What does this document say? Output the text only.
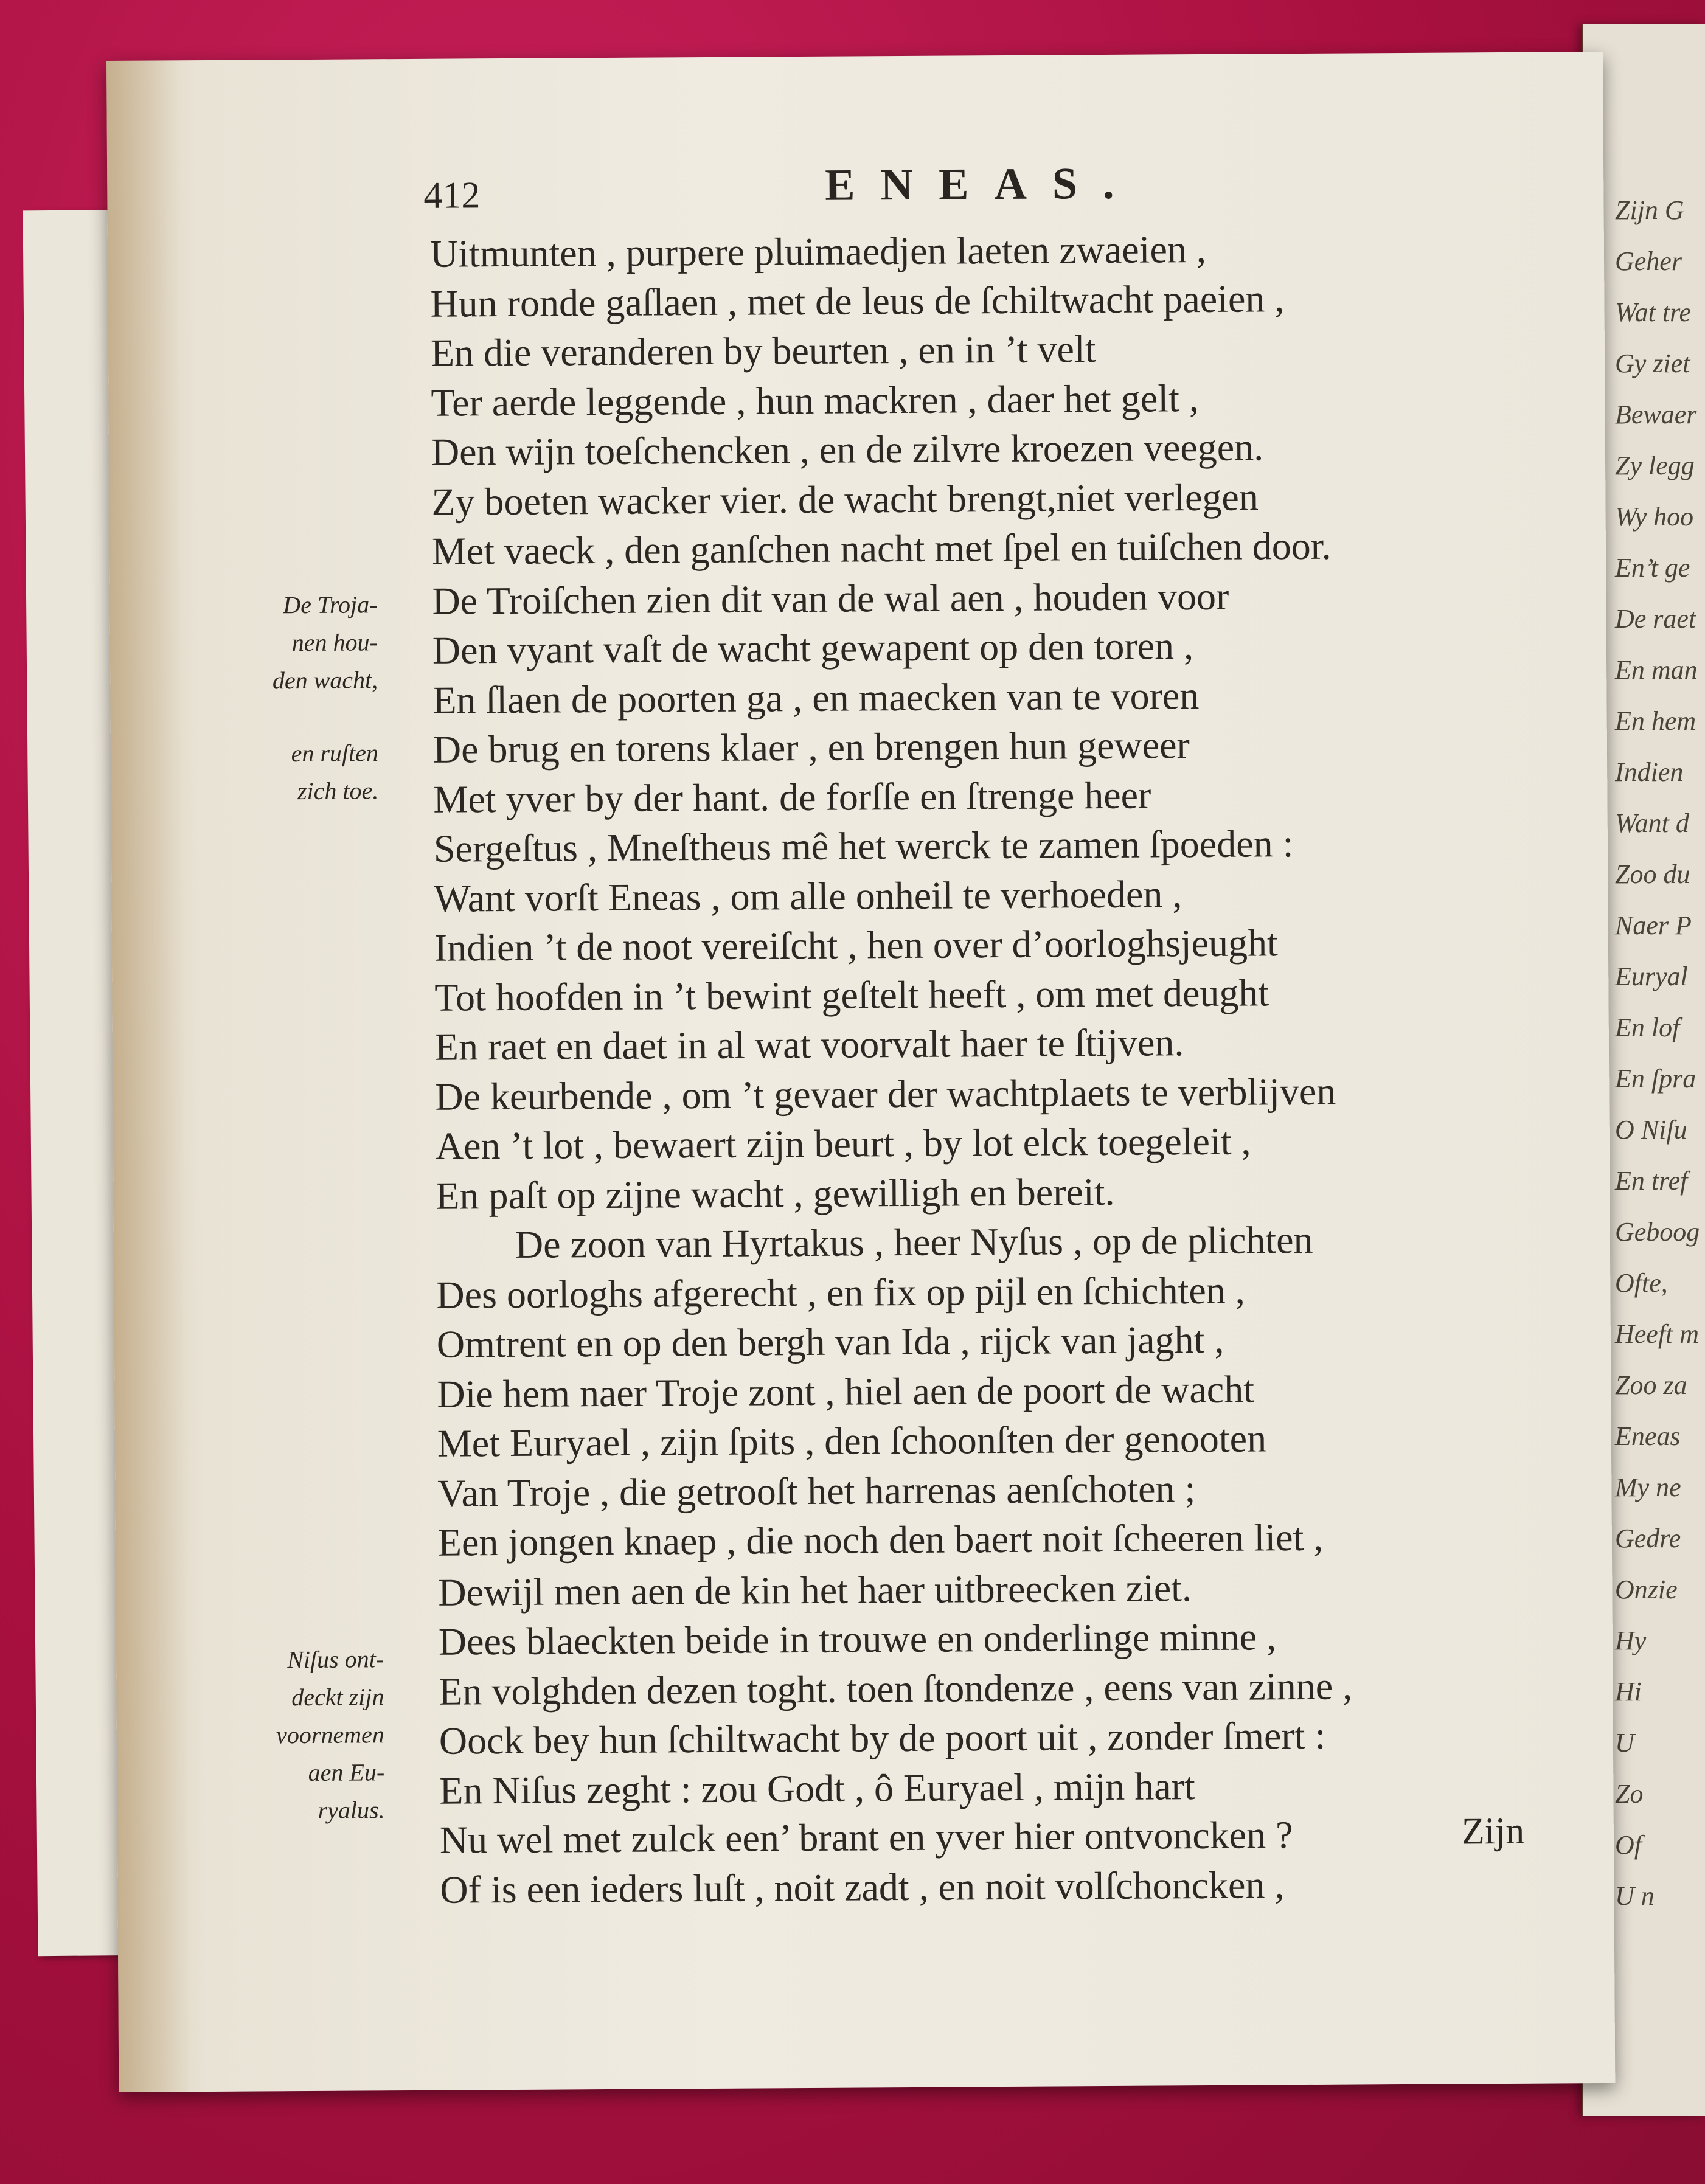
Zijn G
Geher
Wat tre
Gy ziet
Bewaer
Zy legg
Wy hoo
En’t ge
De raet
En man
En hem
Indien
Want d
Zoo du
Naer P
Euryal
En lof
En ſpra
O Niſu
En tref
Geboog
Ofte,
Heeft m
Zoo za
Eneas
My ne
Gedre
Onzie
Hy
Hi
U
Zo
Of
U n
412	ENEAS.
De Troja-
nen hou-
den wacht,
en ruſten
zich toe.
Niſus ont-
deckt zijn
voornemen
aen Eu-
ryalus.
Uitmunten , purpere pluimaedjen laeten zwaeien ,
Hun ronde gaſlaen , met de leus de ſchiltwacht paeien ,
En die veranderen by beurten , en in ’t velt
Ter aerde leggende , hun mackren , daer het gelt ,
Den wijn toeſchencken , en de zilvre kroezen veegen.
Zy boeten wacker vier. de wacht brengt,niet verlegen
Met vaeck , den ganſchen nacht met ſpel en tuiſchen door.
De Troiſchen zien dit van de wal aen , houden voor
Den vyant vaſt de wacht gewapent op den toren ,
En ſlaen de poorten ga , en maecken van te voren
De brug en torens klaer , en brengen hun geweer
Met yver by der hant. de forſſe en ſtrenge heer
Sergeſtus , Mneſtheus mê het werck te zamen ſpoeden :
Want vorſt Eneas , om alle onheil te verhoeden ,
Indien ’t de noot vereiſcht , hen over d’oorloghsjeught
Tot hoofden in ’t bewint geſtelt heeft , om met deught
En raet en daet in al wat voorvalt haer te ſtijven.
De keurbende , om ’t gevaer der wachtplaets te verblijven
Aen ’t lot , bewaert zijn beurt , by lot elck toegeleit ,
En paſt op zijne wacht , gewilligh en bereit.
De zoon van Hyrtakus , heer Nyſus , op de plichten
Des oorloghs afgerecht , en fix op pijl en ſchichten ,
Omtrent en op den bergh van Ida , rijck van jaght ,
Die hem naer Troje zont , hiel aen de poort de wacht
Met Euryael , zijn ſpits , den ſchoonſten der genooten
Van Troje , die getrooſt het harrenas aenſchoten ;
Een jongen knaep , die noch den baert noit ſcheeren liet ,
Dewijl men aen de kin het haer uitbreecken ziet.
Dees blaeckten beide in trouwe en onderlinge minne ,
En volghden dezen toght. toen ſtondenze , eens van zinne ,
Oock bey hun ſchiltwacht by de poort uit , zonder ſmert :
En Niſus zeght : zou Godt , ô Euryael , mijn hart
Nu wel met zulck een’ brant en yver hier ontvoncken ?
Of is een ieders luſt , noit zadt , en noit volſchoncken ,
Zijn
